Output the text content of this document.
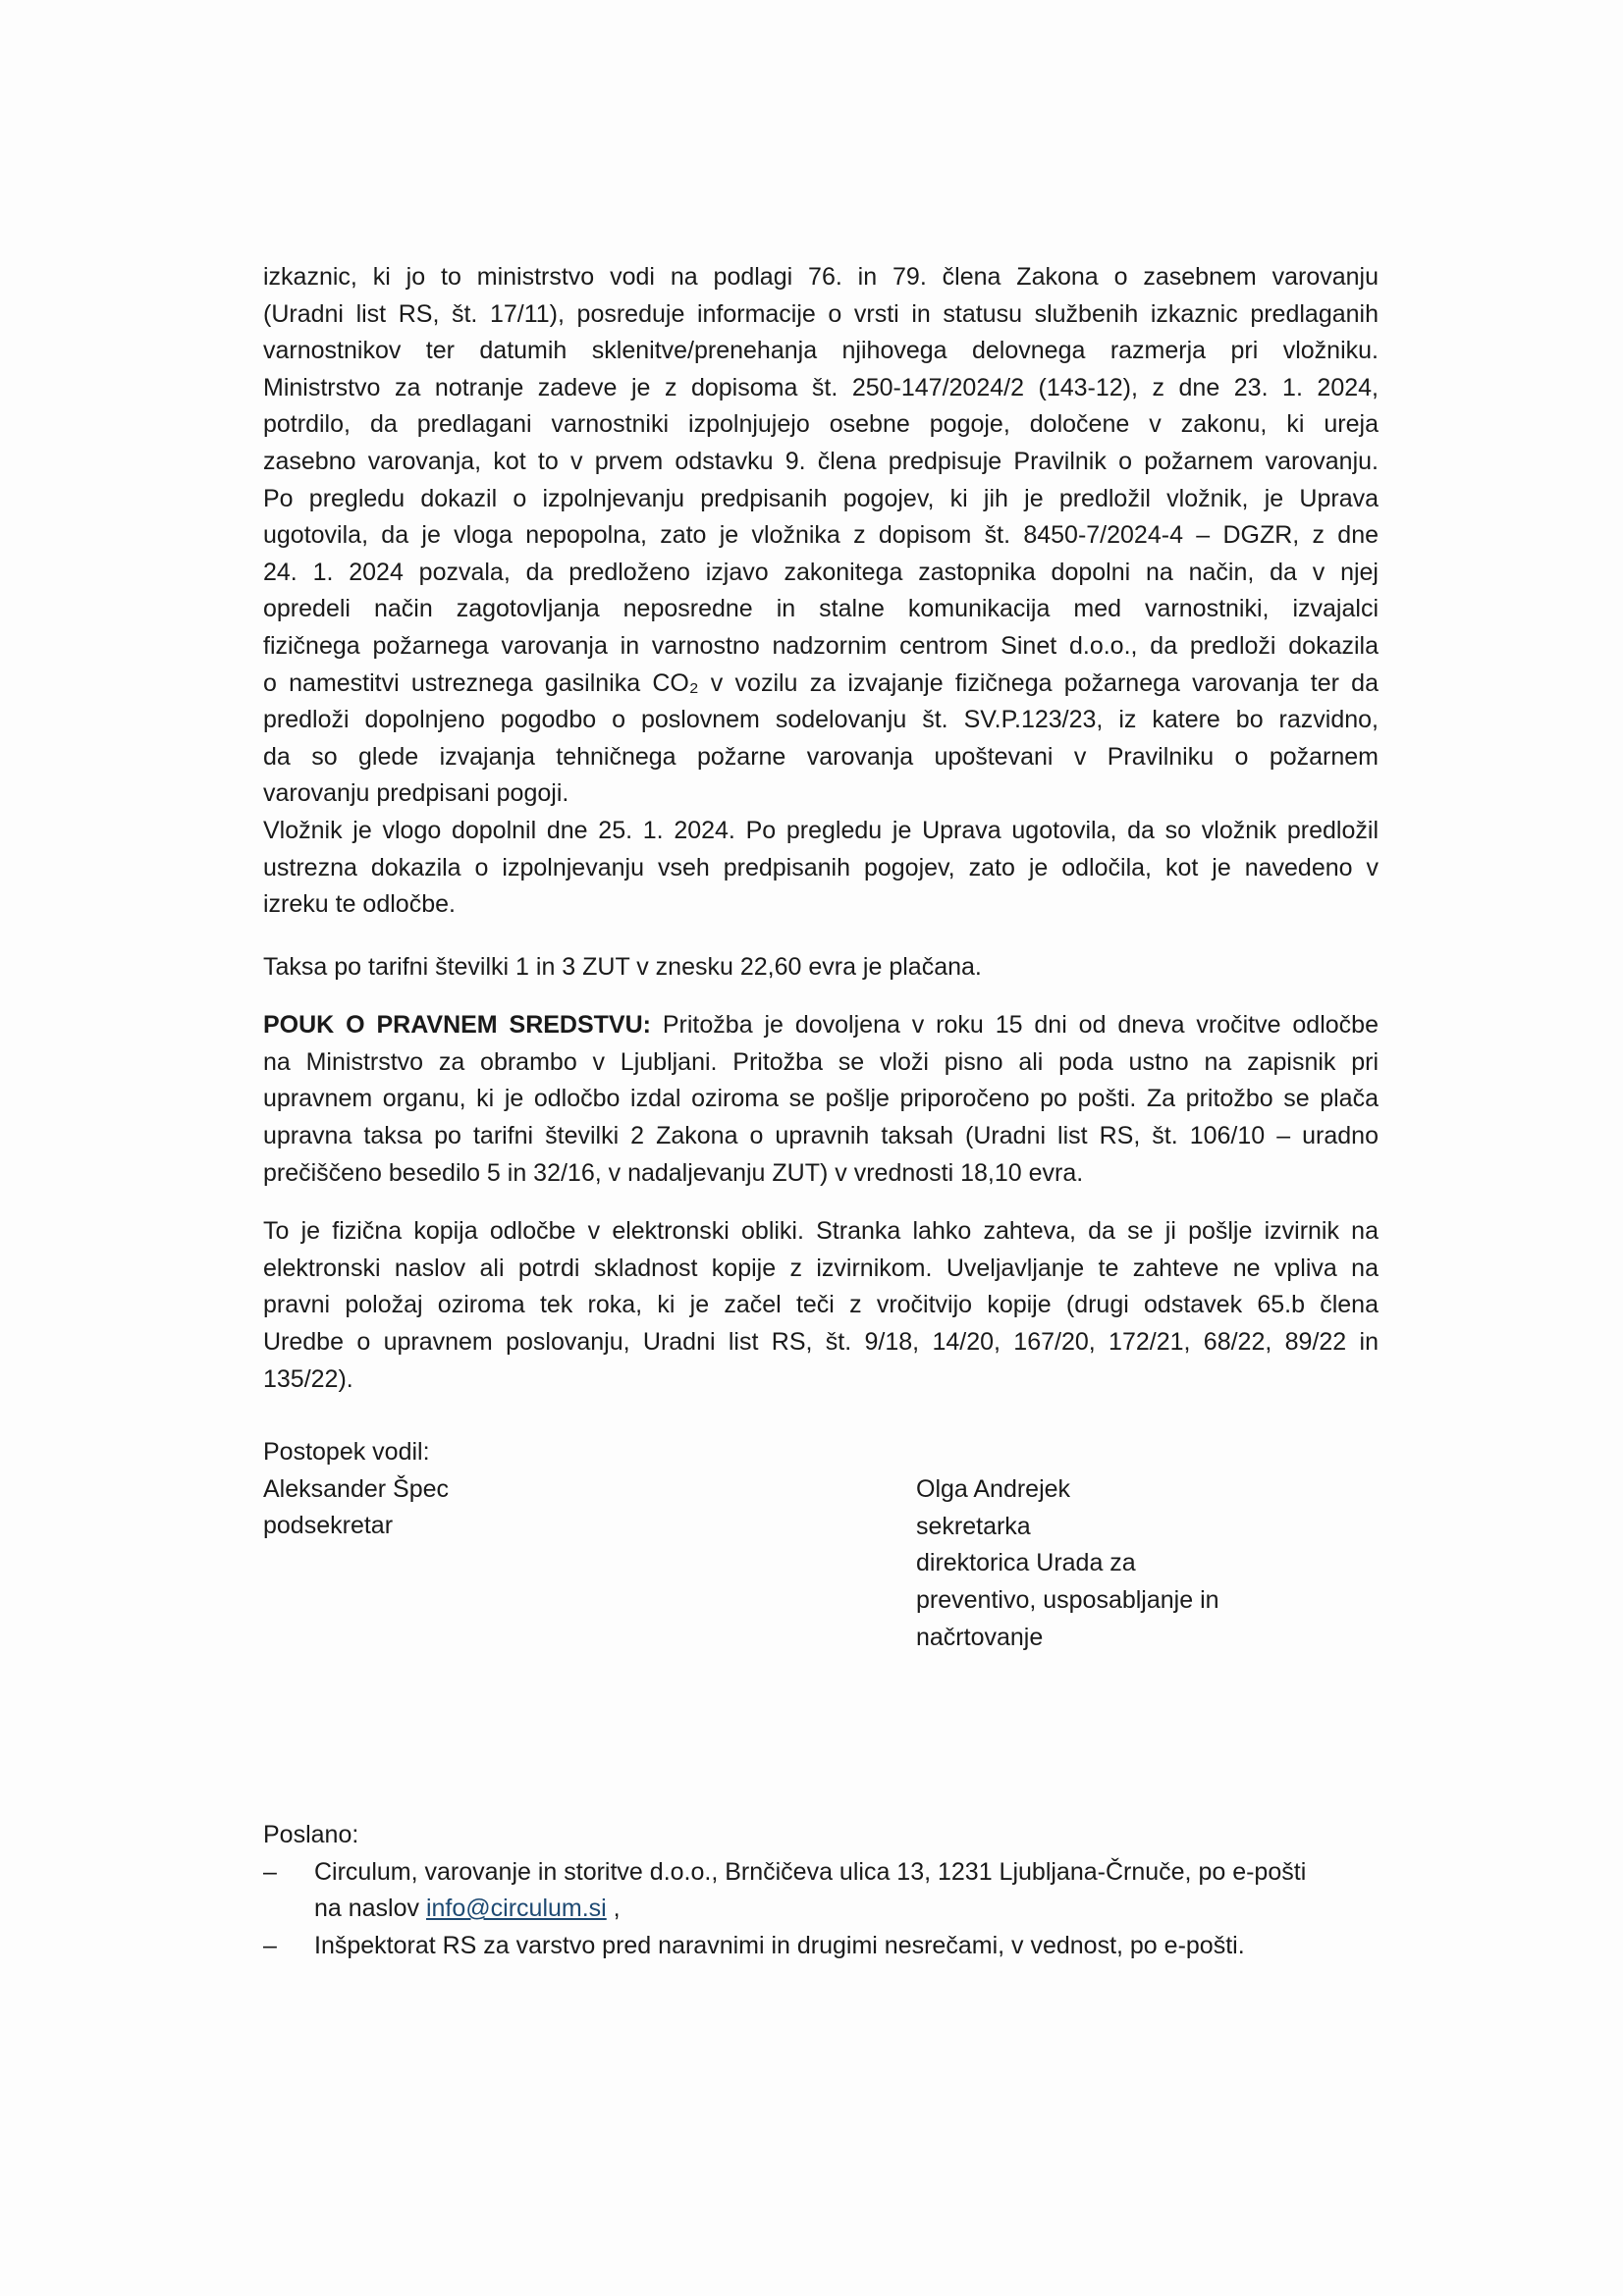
izkaznic, ki jo to ministrstvo vodi na podlagi 76. in 79. člena Zakona o zasebnem varovanju
(Uradni list RS, št. 17/11), posreduje informacije o vrsti in statusu službenih izkaznic predlaganih
varnostnikov ter datumih sklenitve/prenehanja njihovega delovnega razmerja pri vložniku.
Ministrstvo za notranje zadeve je z dopisoma št. 250-147/2024/2 (143-12), z dne 23. 1. 2024,
potrdilo, da predlagani varnostniki izpolnjujejo osebne pogoje, določene v zakonu, ki ureja
zasebno varovanja, kot to v prvem odstavku 9. člena predpisuje Pravilnik o požarnem varovanju.
Po pregledu dokazil o izpolnjevanju predpisanih pogojev, ki jih je predložil vložnik, je Uprava
ugotovila, da je vloga nepopolna, zato je vložnika z dopisom št. 8450-7/2024-4 – DGZR, z dne
24. 1. 2024 pozvala, da predloženo izjavo zakonitega zastopnika dopolni na način, da v njej
opredeli način zagotovljanja neposredne in stalne komunikacija med varnostniki, izvajalci
fizičnega požarnega varovanja in varnostno nadzornim centrom Sinet d.o.o., da predloži dokazila
o namestitvi ustreznega gasilnika CO₂ v vozilu za izvajanje fizičnega požarnega varovanja ter da
predloži dopolnjeno pogodbo o poslovnem sodelovanju št. SV.P.123/23, iz katere bo razvidno,
da so glede izvajanja tehničnega požarne varovanja upoštevani v Pravilniku o požarnem
varovanju predpisani pogoji.
Vložnik je vlogo dopolnil dne 25. 1. 2024. Po pregledu je Uprava ugotovila, da so vložnik predložil
ustrezna dokazila o izpolnjevanju vseh predpisanih pogojev, zato je odločila, kot je navedeno v
izreku te odločbe.
Taksa po tarifni številki 1 in 3 ZUT v znesku 22,60 evra je plačana.
POUK O PRAVNEM SREDSTVU: Pritožba je dovoljena v roku 15 dni od dneva vročitve odločbe
na Ministrstvo za obrambo v Ljubljani. Pritožba se vloži pisno ali poda ustno na zapisnik pri
upravnem organu, ki je odločbo izdal oziroma se pošlje priporočeno po pošti. Za pritožbo se plača
upravna taksa po tarifni številki 2 Zakona o upravnih taksah (Uradni list RS, št. 106/10 – uradno
prečiščeno besedilo 5 in 32/16, v nadaljevanju ZUT) v vrednosti 18,10 evra.
To je fizična kopija odločbe v elektronski obliki. Stranka lahko zahteva, da se ji pošlje izvirnik na
elektronski naslov ali potrdi skladnost kopije z izvirnikom. Uveljavljanje te zahteve ne vpliva na
pravni položaj oziroma tek roka, ki je začel teči z vročitvijo kopije (drugi odstavek 65.b člena
Uredbe o upravnem poslovanju, Uradni list RS, št. 9/18, 14/20, 167/20, 172/21, 68/22, 89/22 in
135/22).
Postopek vodil:
Aleksander Špec
podsekretar
Olga Andrejek
sekretarka
direktorica Urada za
preventivo, usposabljanje in
načrtovanje
Poslano:
– Circulum, varovanje in storitve d.o.o., Brnčičeva ulica 13, 1231 Ljubljana-Črnuče, po e-pošti
na naslov info@circulum.si ,
– Inšpektorat RS za varstvo pred naravnimi in drugimi nesrečami, v vednost, po e-pošti.
